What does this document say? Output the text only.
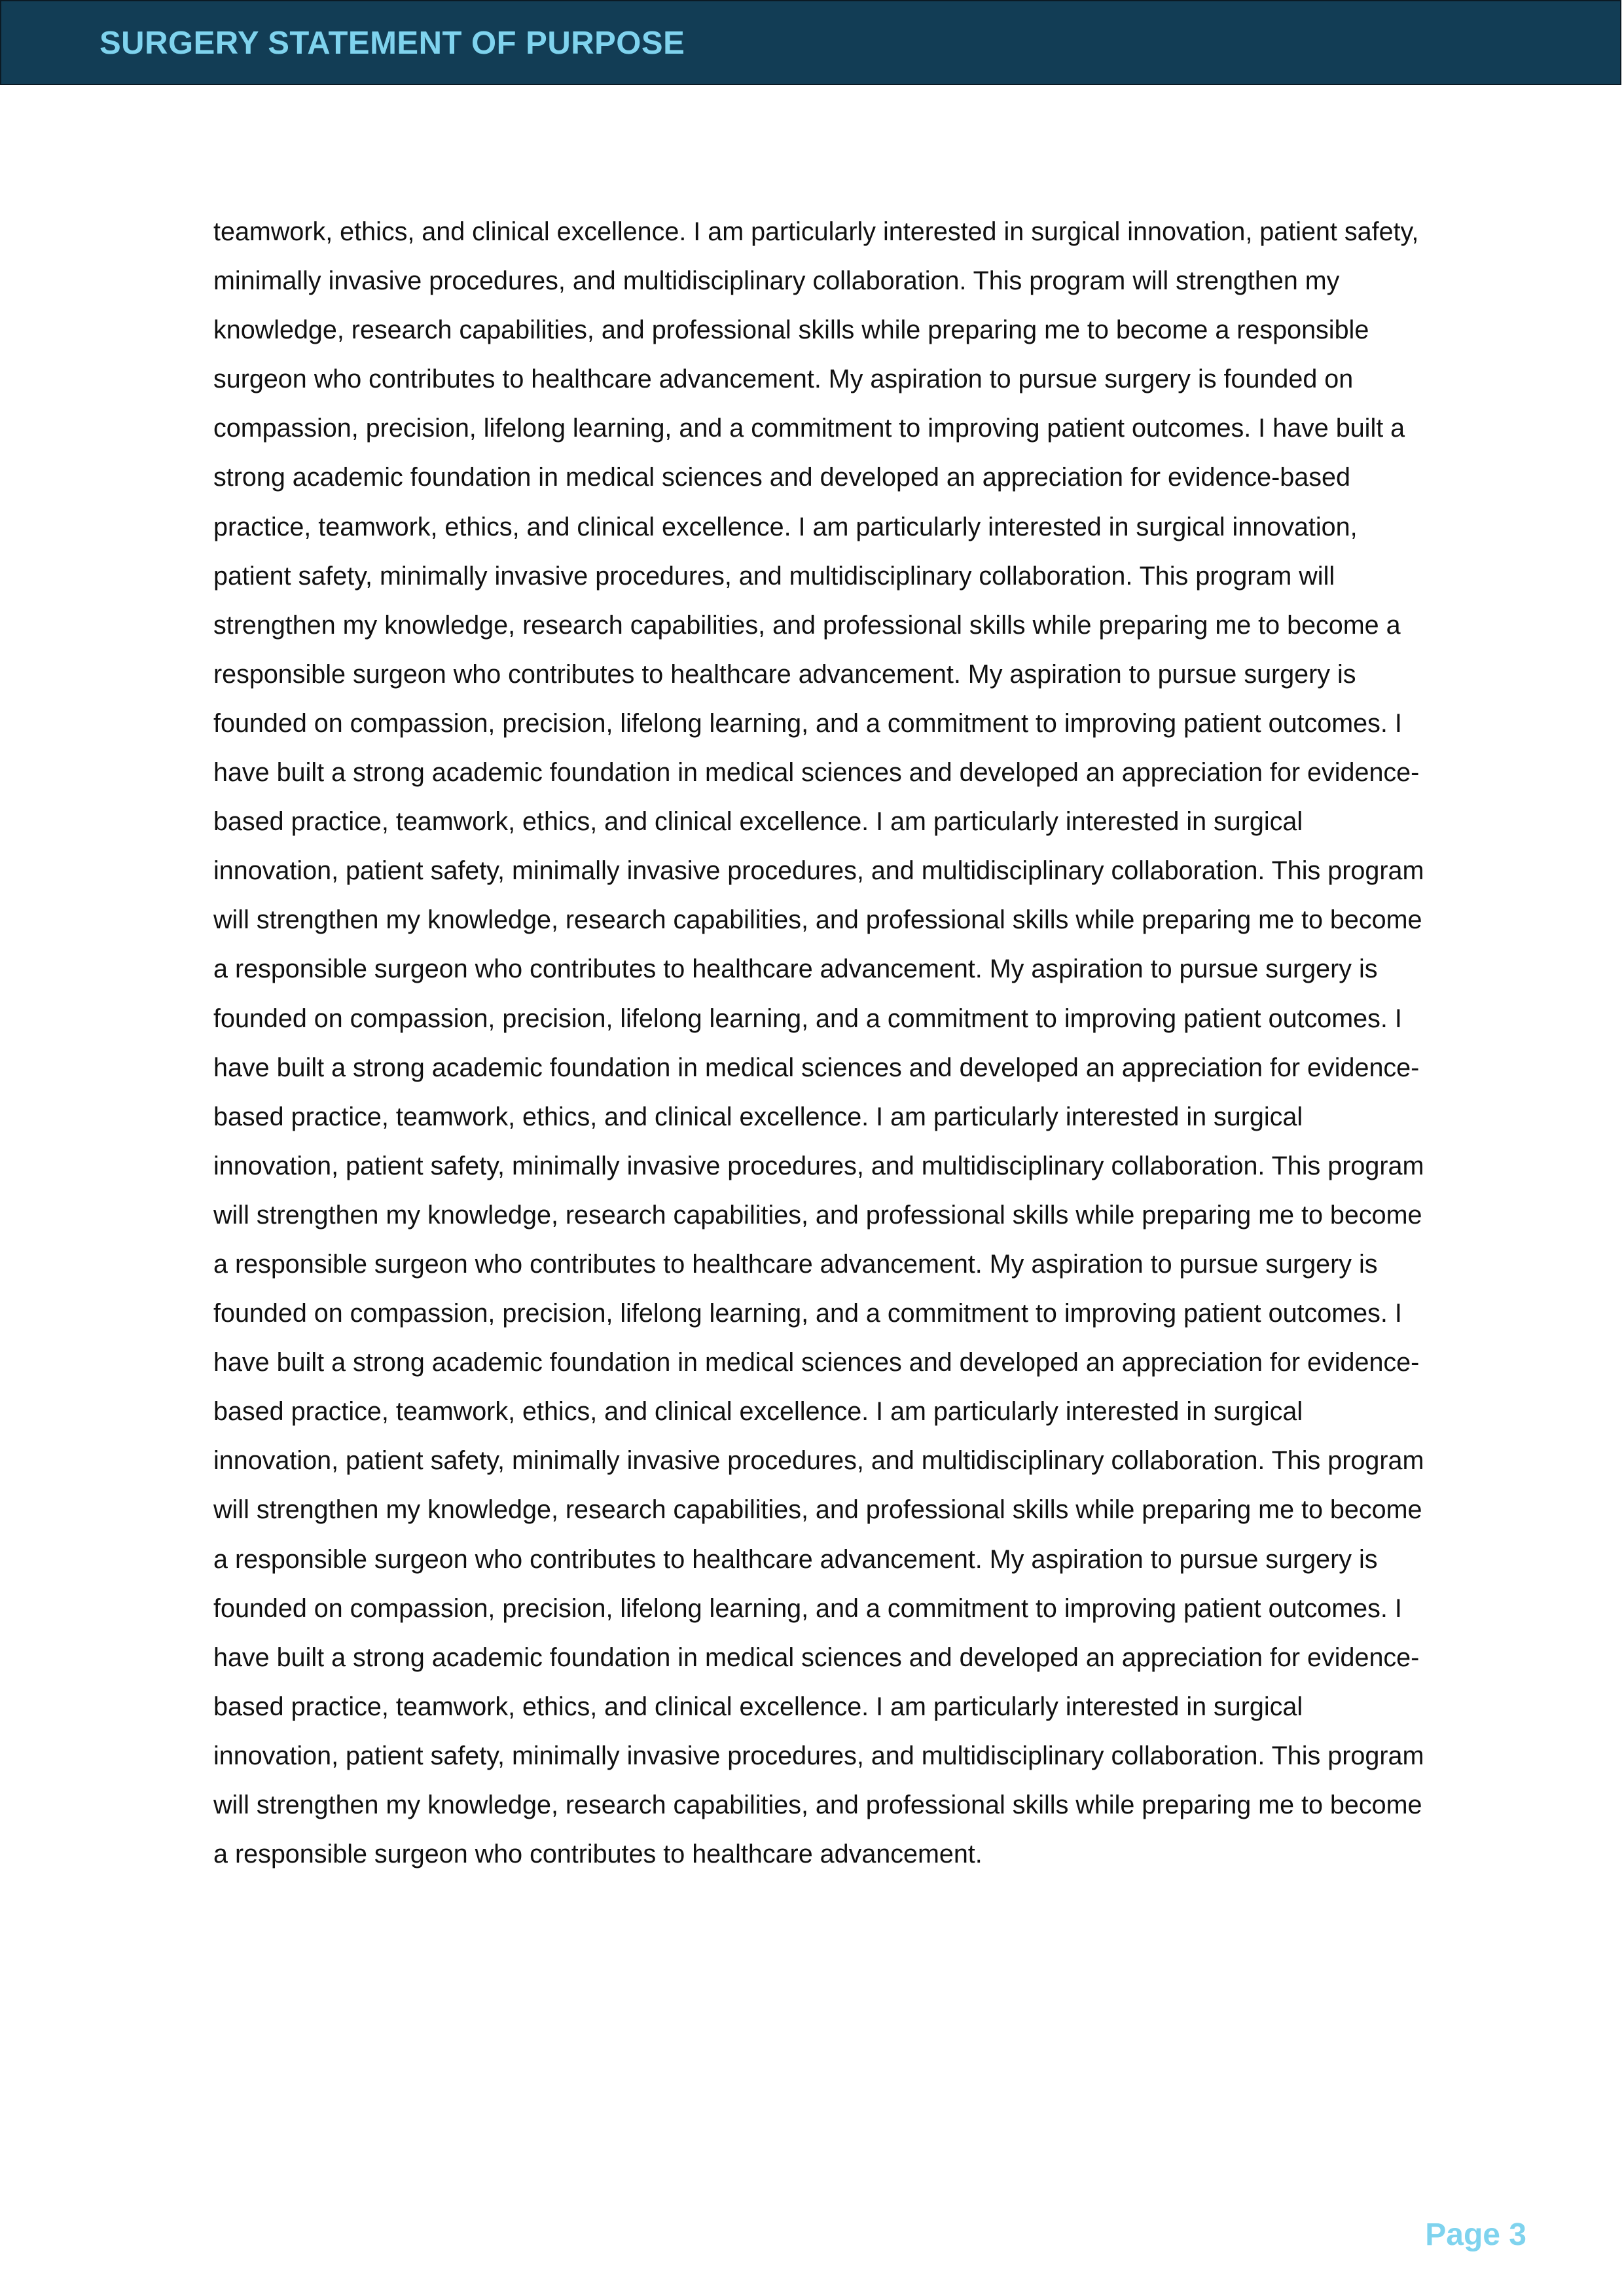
SURGERY STATEMENT OF PURPOSE

teamwork, ethics, and clinical excellence. I am particularly interested in surgical innovation, patient safety, minimally invasive procedures, and multidisciplinary collaboration. This program will strengthen my knowledge, research capabilities, and professional skills while preparing me to become a responsible surgeon who contributes to healthcare advancement. My aspiration to pursue surgery is founded on compassion, precision, lifelong learning, and a commitment to improving patient outcomes. I have built a strong academic foundation in medical sciences and developed an appreciation for evidence-based practice, teamwork, ethics, and clinical excellence. I am particularly interested in surgical innovation, patient safety, minimally invasive procedures, and multidisciplinary collaboration. This program will strengthen my knowledge, research capabilities, and professional skills while preparing me to become a responsible surgeon who contributes to healthcare advancement. My aspiration to pursue surgery is founded on compassion, precision, lifelong learning, and a commitment to improving patient outcomes. I have built a strong academic foundation in medical sciences and developed an appreciation for evidence-based practice, teamwork, ethics, and clinical excellence. I am particularly interested in surgical innovation, patient safety, minimally invasive procedures, and multidisciplinary collaboration. This program will strengthen my knowledge, research capabilities, and professional skills while preparing me to become a responsible surgeon who contributes to healthcare advancement. My aspiration to pursue surgery is founded on compassion, precision, lifelong learning, and a commitment to improving patient outcomes. I have built a strong academic foundation in medical sciences and developed an appreciation for evidence-based practice, teamwork, ethics, and clinical excellence. I am particularly interested in surgical innovation, patient safety, minimally invasive procedures, and multidisciplinary collaboration. This program will strengthen my knowledge, research capabilities, and professional skills while preparing me to become a responsible surgeon who contributes to healthcare advancement. My aspiration to pursue surgery is founded on compassion, precision, lifelong learning, and a commitment to improving patient outcomes. I have built a strong academic foundation in medical sciences and developed an appreciation for evidence-based practice, teamwork, ethics, and clinical excellence. I am particularly interested in surgical innovation, patient safety, minimally invasive procedures, and multidisciplinary collaboration. This program will strengthen my knowledge, research capabilities, and professional skills while preparing me to become a responsible surgeon who contributes to healthcare advancement. My aspiration to pursue surgery is founded on compassion, precision, lifelong learning, and a commitment to improving patient outcomes. I have built a strong academic foundation in medical sciences and developed an appreciation for evidence-based practice, teamwork, ethics, and clinical excellence. I am particularly interested in surgical innovation, patient safety, minimally invasive procedures, and multidisciplinary collaboration. This program will strengthen my knowledge, research capabilities, and professional skills while preparing me to become a responsible surgeon who contributes to healthcare advancement.

Page 3
